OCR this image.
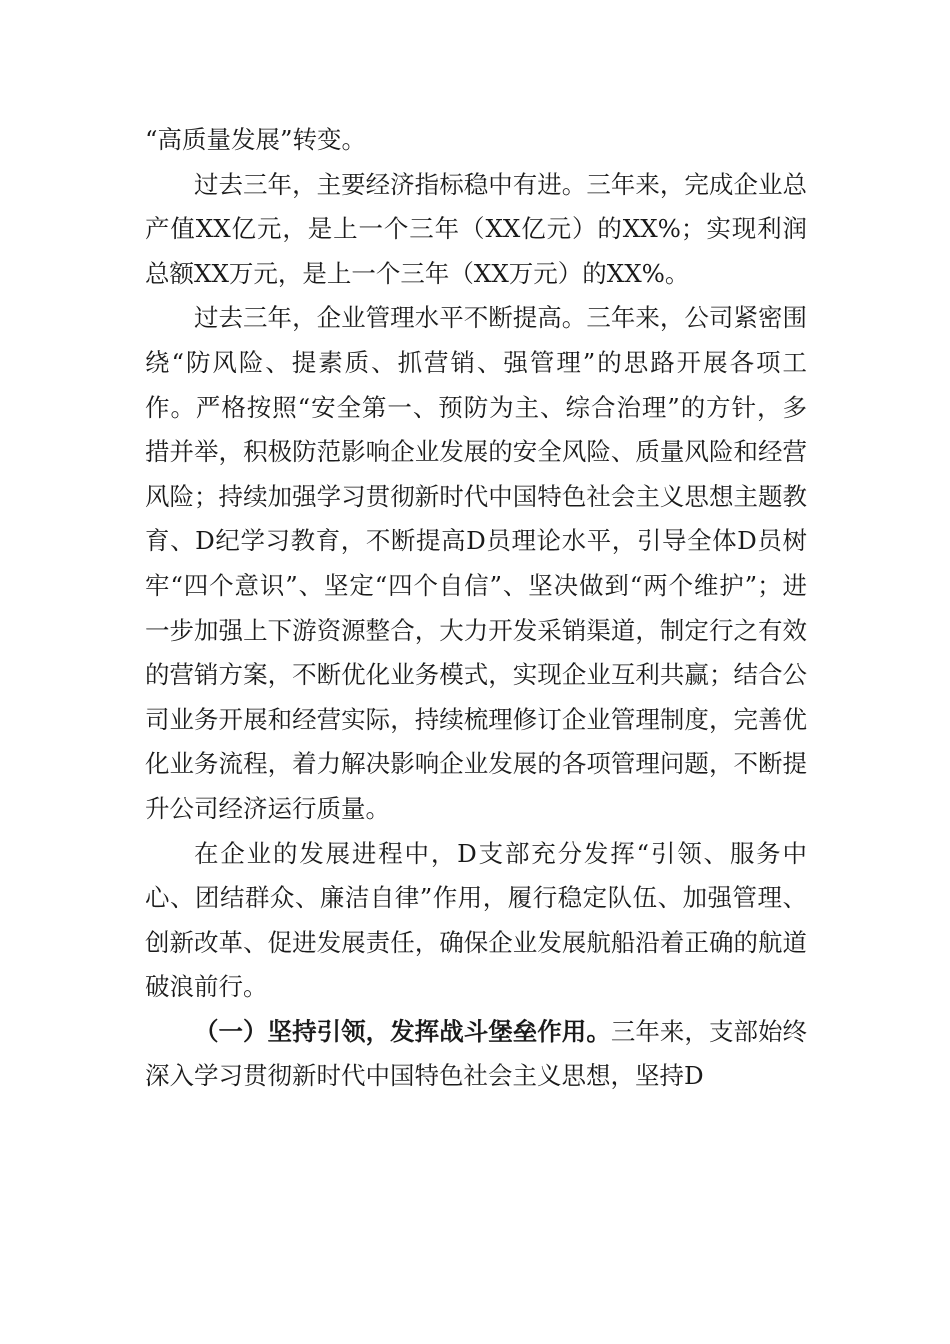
“高质量发展”转变。

过去三年，主要经济指标稳中有进。三年来，完成企业总产值XX亿元，是上一个三年（XX亿元）的XX%；实现利润总额XX万元，是上一个三年（XX万元）的XX%。

过去三年，企业管理水平不断提高。三年来，公司紧密围绕“防风险、提素质、抓营销、强管理”的思路开展各项工作。严格按照“安全第一、预防为主、综合治理”的方针，多措并举，积极防范影响企业发展的安全风险、质量风险和经营风险；持续加强学习贯彻新时代中国特色社会主义思想主题教育、D纪学习教育，不断提高D员理论水平，引导全体D员树牢“四个意识”、坚定“四个自信”、坚决做到“两个维护”；进一步加强上下游资源整合，大力开发采销渠道，制定行之有效的营销方案，不断优化业务模式，实现企业互利共赢；结合公司业务开展和经营实际，持续梳理修订企业管理制度，完善优化业务流程，着力解决影响企业发展的各项管理问题，不断提升公司经济运行质量。

在企业的发展进程中，D支部充分发挥“引领、服务中心、团结群众、廉洁自律”作用，履行稳定队伍、加强管理、创新改革、促进发展责任，确保企业发展航船沿着正确的航道破浪前行。

（一）坚持引领，发挥战斗堡垒作用。三年来，支部始终深入学习贯彻新时代中国特色社会主义思想，坚持D
